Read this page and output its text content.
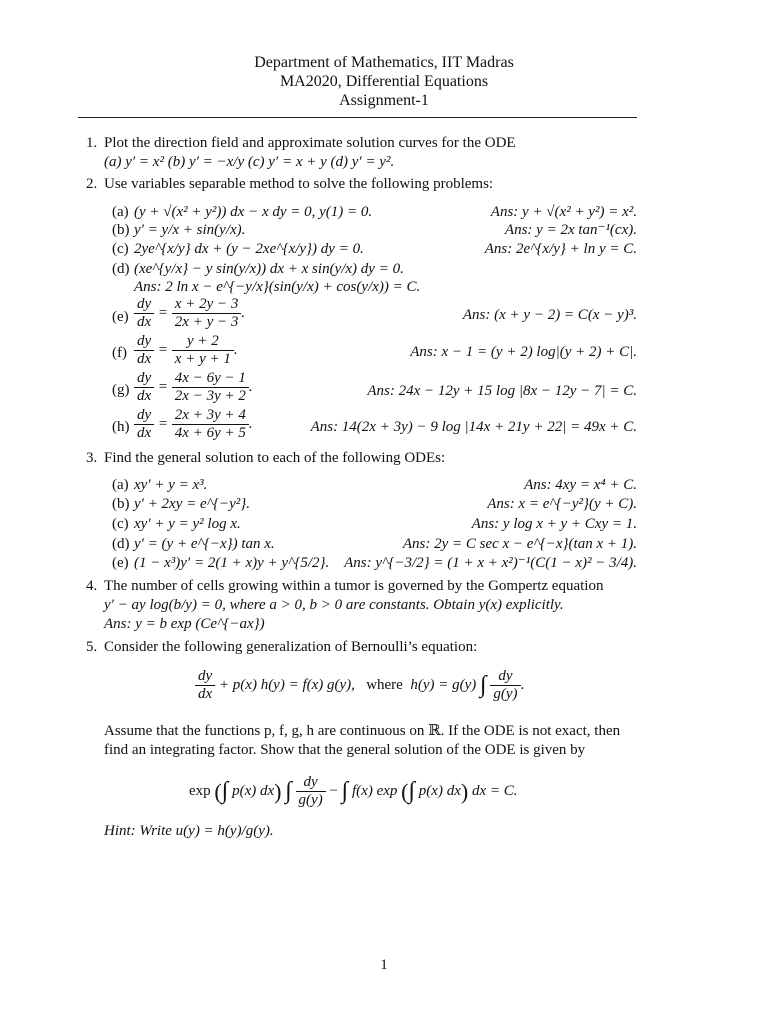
Department of Mathematics, IIT Madras
MA2020, Differential Equations
Assignment-1
1. Plot the direction field and approximate solution curves for the ODE
(a) y′ = x² (b) y′ = −x/y (c) y′ = x + y (d) y′ = y².
2. Use variables separable method to solve the following problems:
(a) (y + √(x² + y²)) dx − x dy = 0, y(1) = 0.	Ans: y + √(x² + y²) = x².
(b) y′ = y/x + sin(y/x).	Ans: y = 2x tan⁻¹(cx).
(c) 2ye^{x/y} dx + (y − 2xe^{x/y}) dy = 0.	Ans: 2e^{x/y} + ln y = C.
(d) (xe^{y/x} − y sin(y/x)) dx + x sin(y/x) dy = 0.
Ans: 2 ln x − e^{−y/x}(sin(y/x) + cos(y/x)) = C.
$(e) \frac{dy}{dx} = \frac{x + 2y - 3}{2x + y - 3}$ .	Ans: (x + y − 2) = C(x − y)³.
$(f) \frac{dy}{dx} = \frac{y + 2}{x + y + 1}$ .	Ans: x − 1 = (y + 2) log|(y + 2) + C|.
$(g) \frac{dy}{dx} = \frac{4x - 6y - 1}{2x - 3y + 2}$ .	Ans: 24x − 12y + 15 log |8x − 12y − 7| = C.
$(h) \frac{dy}{dx} = \frac{2x + 3y + 4}{4x + 6y + 5}$ .	Ans: 14(2x + 3y) − 9 log |14x + 21y + 22| = 49x + C.
3. Find the general solution to each of the following ODEs:
(a) xy′ + y = x³.	Ans: 4xy = x⁴ + C.
(b) y′ + 2xy = e^{−y²}.	Ans: x = e^{−y²}(y + C).
(c) xy′ + y = y² log x.	Ans: y log x + y + Cxy = 1.
(d) y′ = (y + e^{−x}) tan x.	Ans: 2y = C sec x − e^{−x}(tan x + 1).
(e) (1 − x³)y′ = 2(1 + x)y + y^{5/2}. Ans: y^{−3/2} = (1 + x + x²)⁻¹(C(1 − x)² − 3/4).
4. The number of cells growing within a tumor is governed by the Gompertz equation
y′ − ay log(b/y) = 0, where a > 0, b > 0 are constants. Obtain y(x) explicitly.
Ans: y = b exp (Ce^{−ax})
5. Consider the following generalization of Bernoulli’s equation:
$\frac{dy}{dx} + p(x) h(y) = f(x)$ g(y), where h(y) = g(y) ∫ $\frac{dy}{g(y)}$ .
Assume that the functions p, f, g, h are continuous on ℝ. If the ODE is not exact, then
find an integrating factor. Show that the general solution of the ODE is given by
exp (∫ p(x) dx) ∫ $\frac{dy}{g(y)}$ − ∫ f(x) exp (∫ p(x) dx) dx = C.
Hint: Write u(y) = h(y)/g(y).
1
